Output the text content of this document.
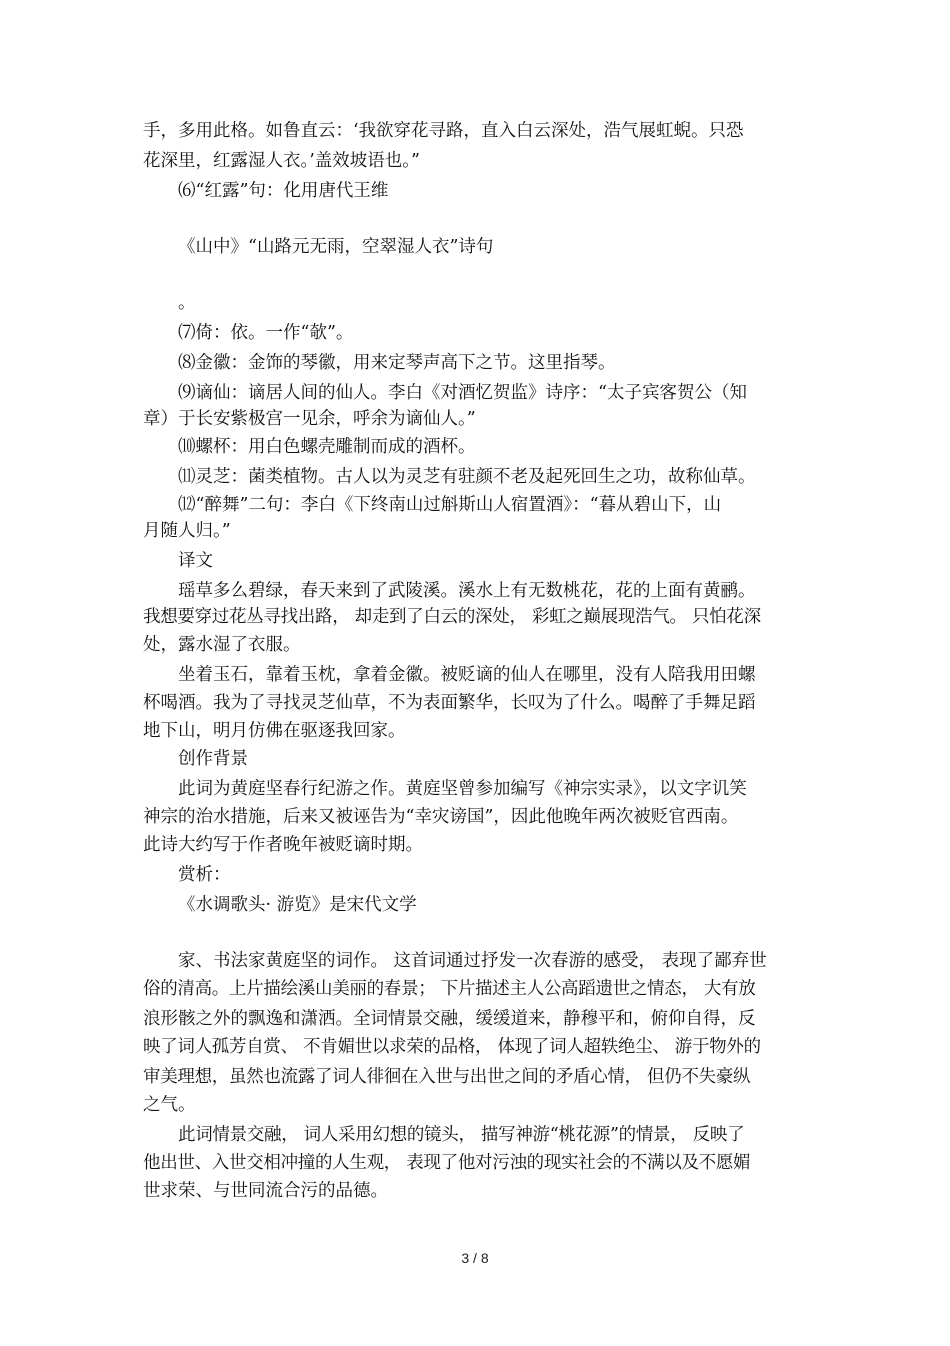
手，多用此格。如鲁直云：‘我欲穿花寻路，直入白云深处，浩气展虹蜺。只恐
花深里，红露湿人衣。’盖效坡语也。”
⑹“红露”句：化用唐代王维
《山中》“山路元无雨，空翠湿人衣”诗句
。
⑺倚：依。一作“欹”。
⑻金徽：金饰的琴徽，用来定琴声高下之节。这里指琴。
⑼谪仙：谪居人间的仙人。李白《对酒忆贺监》诗序：“太子宾客贺公（知
章）于长安紫极宫一见余，呼余为谪仙人。”
⑽螺杯：用白色螺壳雕制而成的酒杯。
⑾灵芝：菌类植物。古人以为灵芝有驻颜不老及起死回生之功，故称仙草。
⑿“醉舞”二句：李白《下终南山过斛斯山人宿置酒》：“暮从碧山下，山
月随人归。”
译文
瑶草多么碧绿，春天来到了武陵溪。溪水上有无数桃花，花的上面有黄鹂。
我想要穿过花丛寻找出路， 却走到了白云的深处， 彩虹之巅展现浩气。 只怕花深
处，露水湿了衣服。
坐着玉石，靠着玉枕，拿着金徽。被贬谪的仙人在哪里，没有人陪我用田螺
杯喝酒。我为了寻找灵芝仙草，不为表面繁华，长叹为了什么。喝醉了手舞足蹈
地下山，明月仿佛在驱逐我回家。
创作背景
此词为黄庭坚春行纪游之作。黄庭坚曾参加编写《神宗实录》，以文字讥笑
神宗的治水措施，后来又被诬告为“幸灾谤国”，因此他晚年两次被贬官西南。
此诗大约写于作者晚年被贬谪时期。
赏析：
《水调歌头· 游览》是宋代文学
家、书法家黄庭坚的词作。 这首词通过抒发一次春游的感受， 表现了鄙弃世
俗的清高。上片描绘溪山美丽的春景； 下片描述主人公高蹈遗世之情态， 大有放
浪形骸之外的飘逸和潇洒。全词情景交融，缓缓道来，静穆平和，俯仰自得，反
映了词人孤芳自赏、 不肯媚世以求荣的品格， 体现了词人超轶绝尘、 游于物外的
审美理想，虽然也流露了词人徘徊在入世与出世之间的矛盾心情， 但仍不失豪纵
之气。
此词情景交融， 词人采用幻想的镜头， 描写神游“桃花源”的情景， 反映了
他出世、入世交相冲撞的人生观， 表现了他对污浊的现实社会的不满以及不愿媚
世求荣、与世同流合污的品德。
3 / 8
